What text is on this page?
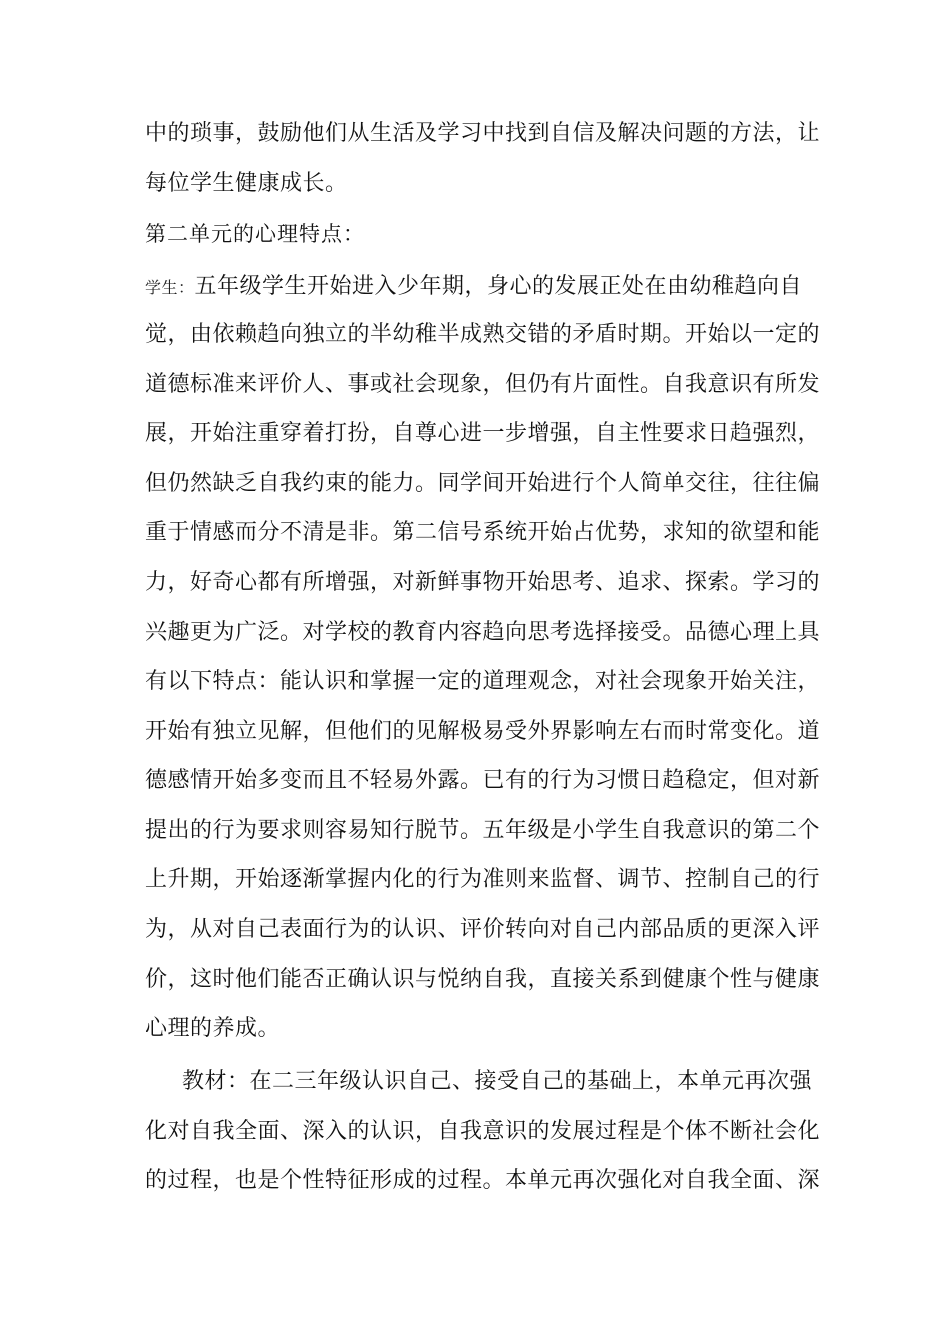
中的琐事，鼓励他们从生活及学习中找到自信及解决问题的方法，让
每位学生健康成长。
第二单元的心理特点：
学生：五年级学生开始进入少年期，身心的发展正处在由幼稚趋向自
觉，由依赖趋向独立的半幼稚半成熟交错的矛盾时期。开始以一定的
道德标准来评价人、事或社会现象，但仍有片面性。自我意识有所发
展，开始注重穿着打扮，自尊心进一步增强，自主性要求日趋强烈，
但仍然缺乏自我约束的能力。同学间开始进行个人简单交往，往往偏
重于情感而分不清是非。第二信号系统开始占优势，求知的欲望和能
力，好奇心都有所增强，对新鲜事物开始思考、追求、探索。学习的
兴趣更为广泛。对学校的教育内容趋向思考选择接受。品德心理上具
有以下特点：能认识和掌握一定的道理观念，对社会现象开始关注，
开始有独立见解，但他们的见解极易受外界影响左右而时常变化。道
德感情开始多变而且不轻易外露。已有的行为习惯日趋稳定，但对新
提出的行为要求则容易知行脱节。五年级是小学生自我意识的第二个
上升期，开始逐渐掌握内化的行为准则来监督、调节、控制自己的行
为，从对自己表面行为的认识、评价转向对自己内部品质的更深入评
价，这时他们能否正确认识与悦纳自我，直接关系到健康个性与健康
心理的养成。
教材：在二三年级认识自己、接受自己的基础上，本单元再次强
化对自我全面、深入的认识，自我意识的发展过程是个体不断社会化
的过程，也是个性特征形成的过程。本单元再次强化对自我全面、深
